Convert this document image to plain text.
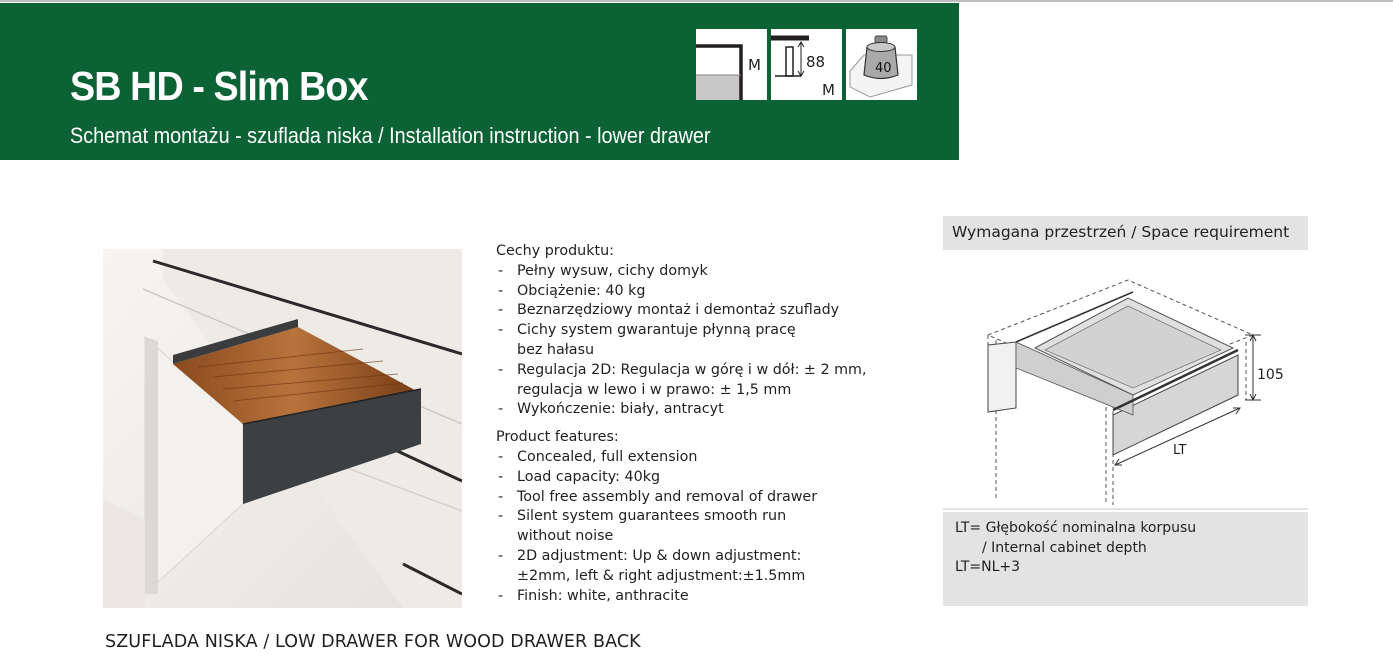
SB HD - Slim Box
Schemat montażu - szuflada niska / Installation instruction - lower drawer
M	88
M
40
Cechy produktu:
- Pełny wysuw, cichy domyk
- Obciążenie: 40 kg
- Beznarzędziowy montaż i demontaż szuflady
- Cichy system gwarantuje płynną pracę bez hałasu
- Regulacja 2D: Regulacja w górę i w dół: ± 2 mm, regulacja w lewo i w prawo: ± 1,5 mm
- Wykończenie: biały, antracyt
Product features:
- Concealed, full extension
- Load capacity: 40kg
- Tool free assembly and removal of drawer
- Silent system guarantees smooth run without noise
- 2D adjustment: Up & down adjustment: ±2mm, left & right adjustment:±1.5mm
- Finish: white, anthracite
Wymagana przestrzeń / Space requirement
105
LT
LT= Głębokość nominalna korpusu
/ Internal cabinet depth
LT=NL+3
SZUFLADA NISKA / LOW DRAWER FOR WOOD DRAWER BACK
